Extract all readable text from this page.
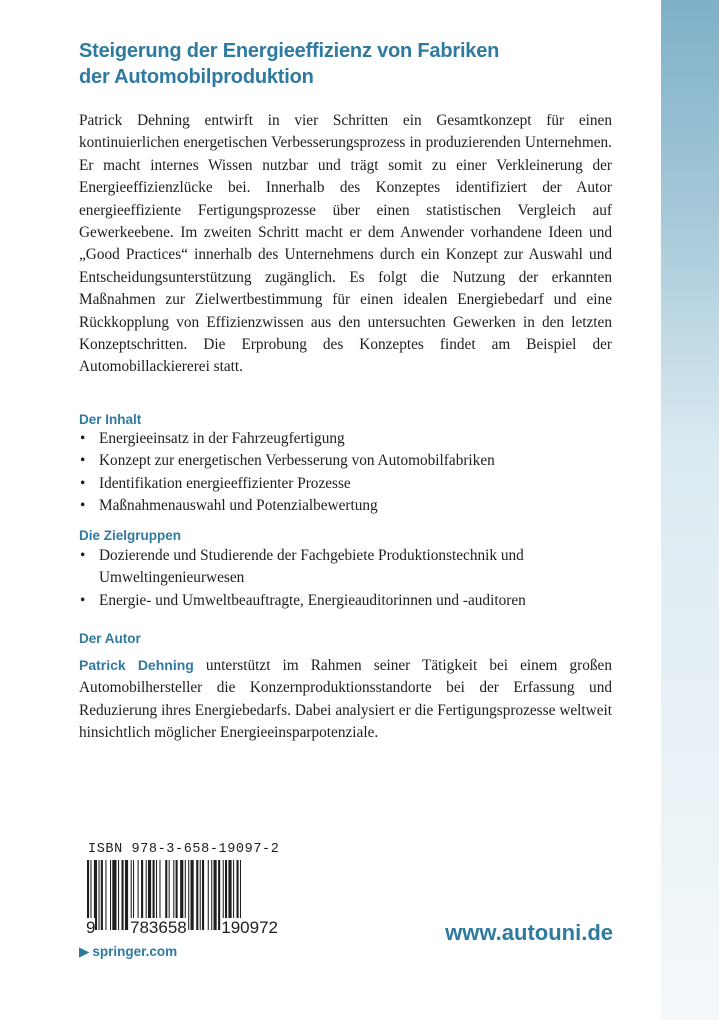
Steigerung der Energieeffizienz von Fabriken
der Automobilproduktion

Patrick Dehning entwirft in vier Schritten ein Gesamtkonzept für einen kontinuierlichen energetischen Verbesserungsprozess in produzierenden Unternehmen. Er macht internes Wissen nutzbar und trägt somit zu einer Verkleinerung der Energieeffizienzlücke bei. Innerhalb des Konzeptes identifiziert der Autor energieeffiziente Fertigungsprozesse über einen statistischen Vergleich auf Gewerkeebene. Im zweiten Schritt macht er dem Anwender vorhandene Ideen und „Good Practices“ innerhalb des Unternehmens durch ein Konzept zur Auswahl und Entscheidungsunterstützung zugänglich. Es folgt die Nutzung der erkannten Maßnahmen zur Zielwertbestimmung für einen idealen Energiebedarf und eine Rückkopplung von Effizienzwissen aus den untersuchten Gewerken in den letzten Konzeptschritten. Die Erprobung des Konzeptes findet am Beispiel der Automobillackiererei statt.

Der Inhalt
• Energieeinsatz in der Fahrzeugfertigung
• Konzept zur energetischen Verbesserung von Automobilfabriken
• Identifikation energieeffizienter Prozesse
• Maßnahmenauswahl und Potenzialbewertung
Die Zielgruppen
• Dozierende und Studierende der Fachgebiete Produktionstechnik und Umweltingenieurwesen
• Energie- und Umweltbeauftragte, Energieauditorinnen und -auditoren
Der Autor

Patrick Dehning unterstützt im Rahmen seiner Tätigkeit bei einem großen Automobilhersteller die Konzernproduktionsstandorte bei der Erfassung und Reduzierung ihres Energiebedarfs. Dabei analysiert er die Fertigungsprozesse weltweit hinsichtlich möglicher Energieeinsparpotenziale.

ISBN 978-3-658-19097-2
9 783658 190972
▶ springer.com
www.autouni.de
